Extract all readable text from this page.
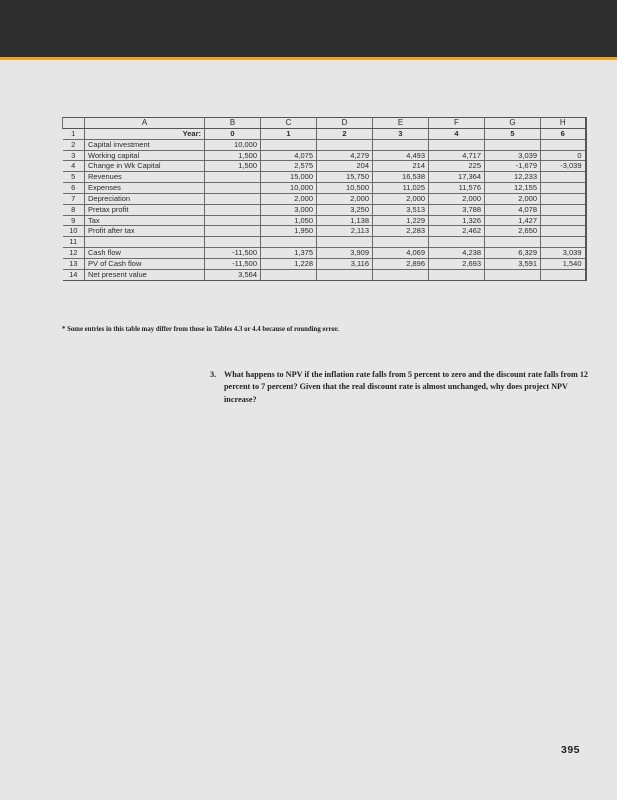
	A	B	C	D	E	F	G	H
1	Year:	0	1	2	3	4	5	6
2	Capital investment	10,000						
3	Working capital	1,500	4,075	4,279	4,493	4,717	3,039	0
4	Change in Wk Capital	1,500	2,575	204	214	225	-1,679	-3,039
5	Revenues		15,000	15,750	16,538	17,364	12,233	
6	Expenses		10,000	10,500	11,025	11,576	12,155	
7	Depreciation		2,000	2,000	2,000	2,000	2,000	
8	Pretax profit		3,000	3,250	3,513	3,788	4,078	
9	Tax		1,050	1,138	1,229	1,326	1,427	
10	Profit after tax		1,950	2,113	2,283	2,462	2,650	
11								
12	Cash flow	-11,500	1,375	3,909	4,069	4,238	6,329	3,039
13	PV of Cash flow	-11,500	1,228	3,116	2,896	2,693	3,591	1,540
14	Net present value	3,564						
* Some entries in this table may differ from those in Tables 4.3 or 4.4 because of rounding error.
3. What happens to NPV if the inflation rate falls from 5 percent to zero and the discount rate falls from 12 percent to 7 percent? Given that the real discount rate is almost unchanged, why does project NPV increase?
395
